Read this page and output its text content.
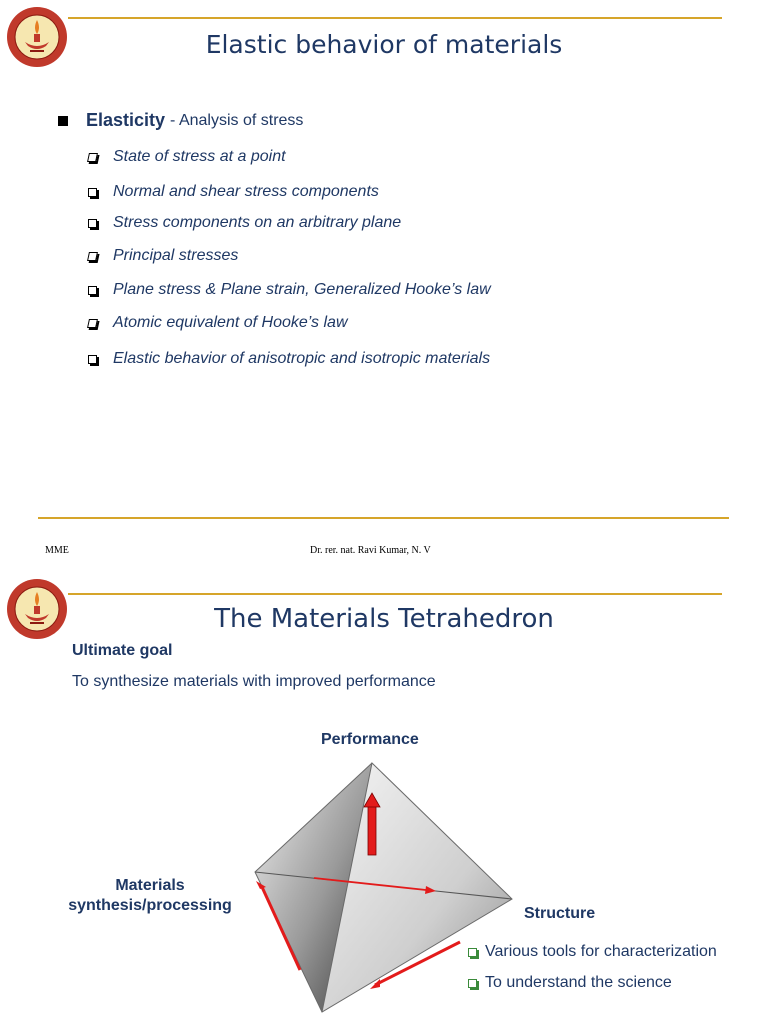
Elastic behavior of materials
Elasticity - Analysis of stress
State of stress at a point
Normal and shear stress components
Stress components on an arbitrary plane
Principal stresses
Plane stress & Plane strain, Generalized Hooke’s law
Atomic equivalent of Hooke’s law
Elastic behavior of anisotropic and isotropic materials
MME	Dr. rer. nat. Ravi Kumar, N. V
The Materials Tetrahedron
Ultimate goal
To synthesize materials with improved performance
Performance
Materials
synthesis/processing	Structure
Various tools for characterization
To understand the science
